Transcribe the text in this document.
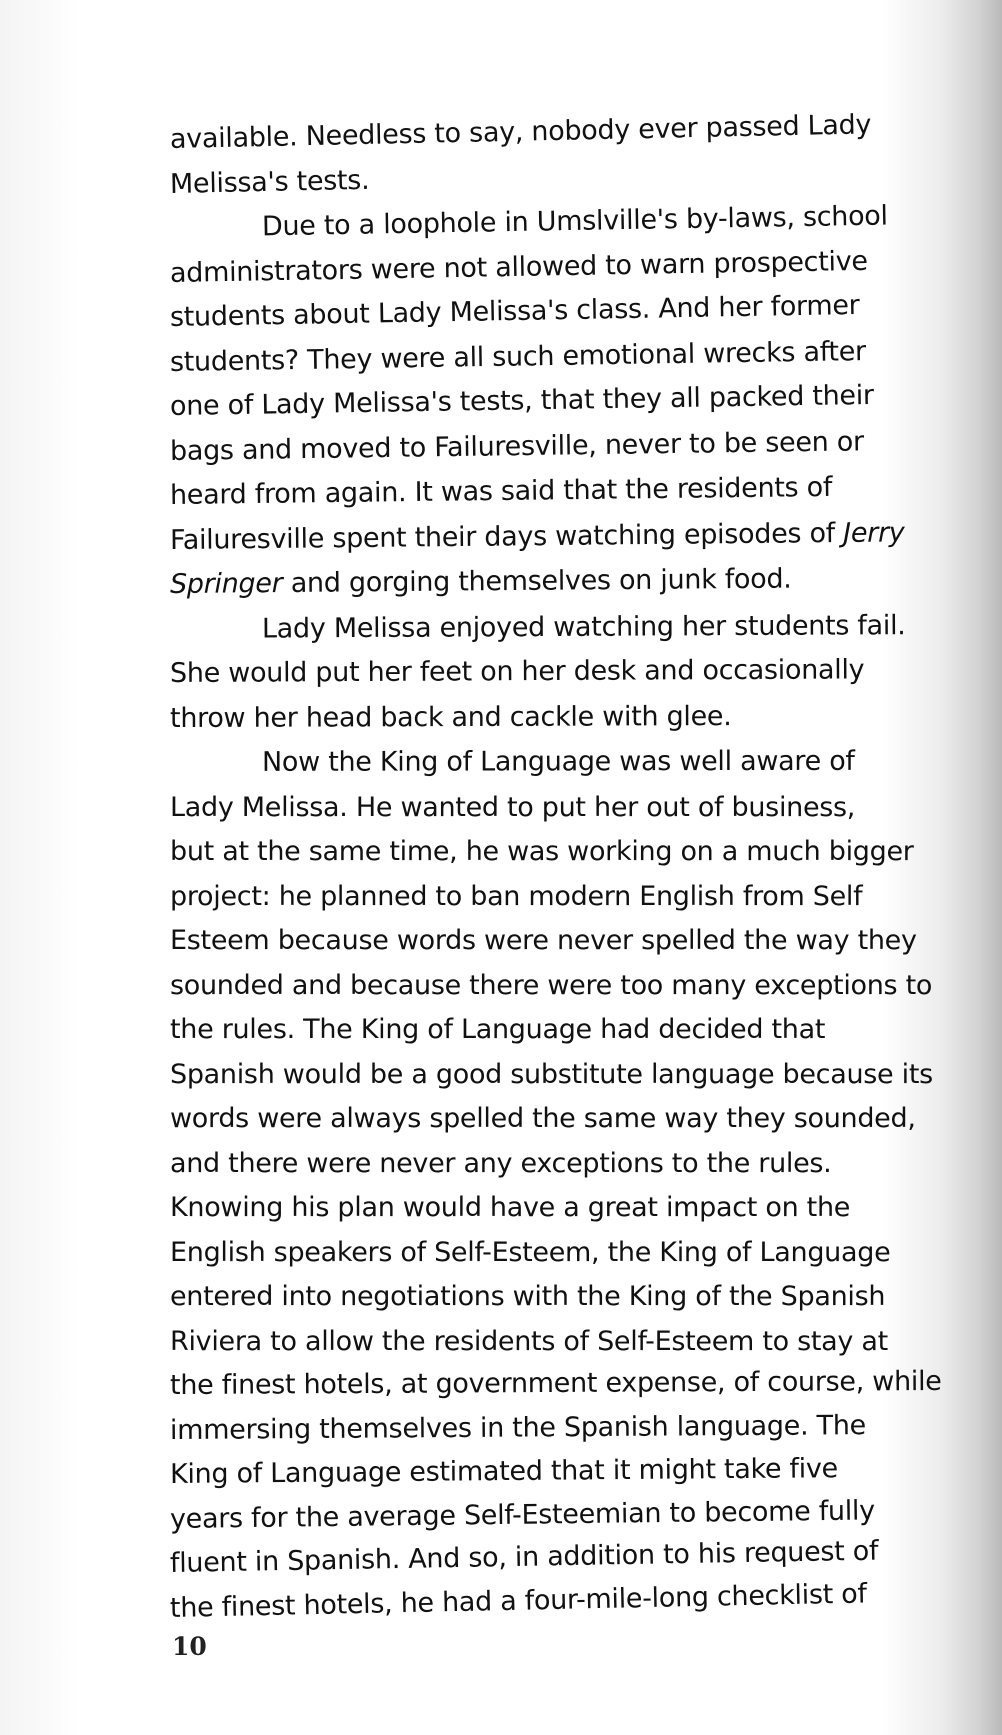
available. Needless to say, nobody ever passed Lady
Melissa's tests.
Due to a loophole in Umslville's by-laws, school
administrators were not allowed to warn prospective
students about Lady Melissa's class. And her former
students? They were all such emotional wrecks after
one of Lady Melissa's tests, that they all packed their
bags and moved to Failuresville, never to be seen or
heard from again. It was said that the residents of
Failuresville spent their days watching episodes of Jerry
Springer and gorging themselves on junk food.
Lady Melissa enjoyed watching her students fail.
She would put her feet on her desk and occasionally
throw her head back and cackle with glee.
Now the King of Language was well aware of
Lady Melissa. He wanted to put her out of business,
but at the same time, he was working on a much bigger
project: he planned to ban modern English from Self
Esteem because words were never spelled the way they
sounded and because there were too many exceptions to
the rules. The King of Language had decided that
Spanish would be a good substitute language because its
words were always spelled the same way they sounded,
and there were never any exceptions to the rules.
Knowing his plan would have a great impact on the
English speakers of Self-Esteem, the King of Language
entered into negotiations with the King of the Spanish
Riviera to allow the residents of Self-Esteem to stay at
the finest hotels, at government expense, of course, while
immersing themselves in the Spanish language. The
King of Language estimated that it might take five
years for the average Self-Esteemian to become fully
fluent in Spanish. And so, in addition to his request of
the finest hotels, he had a four-mile-long checklist of
10
